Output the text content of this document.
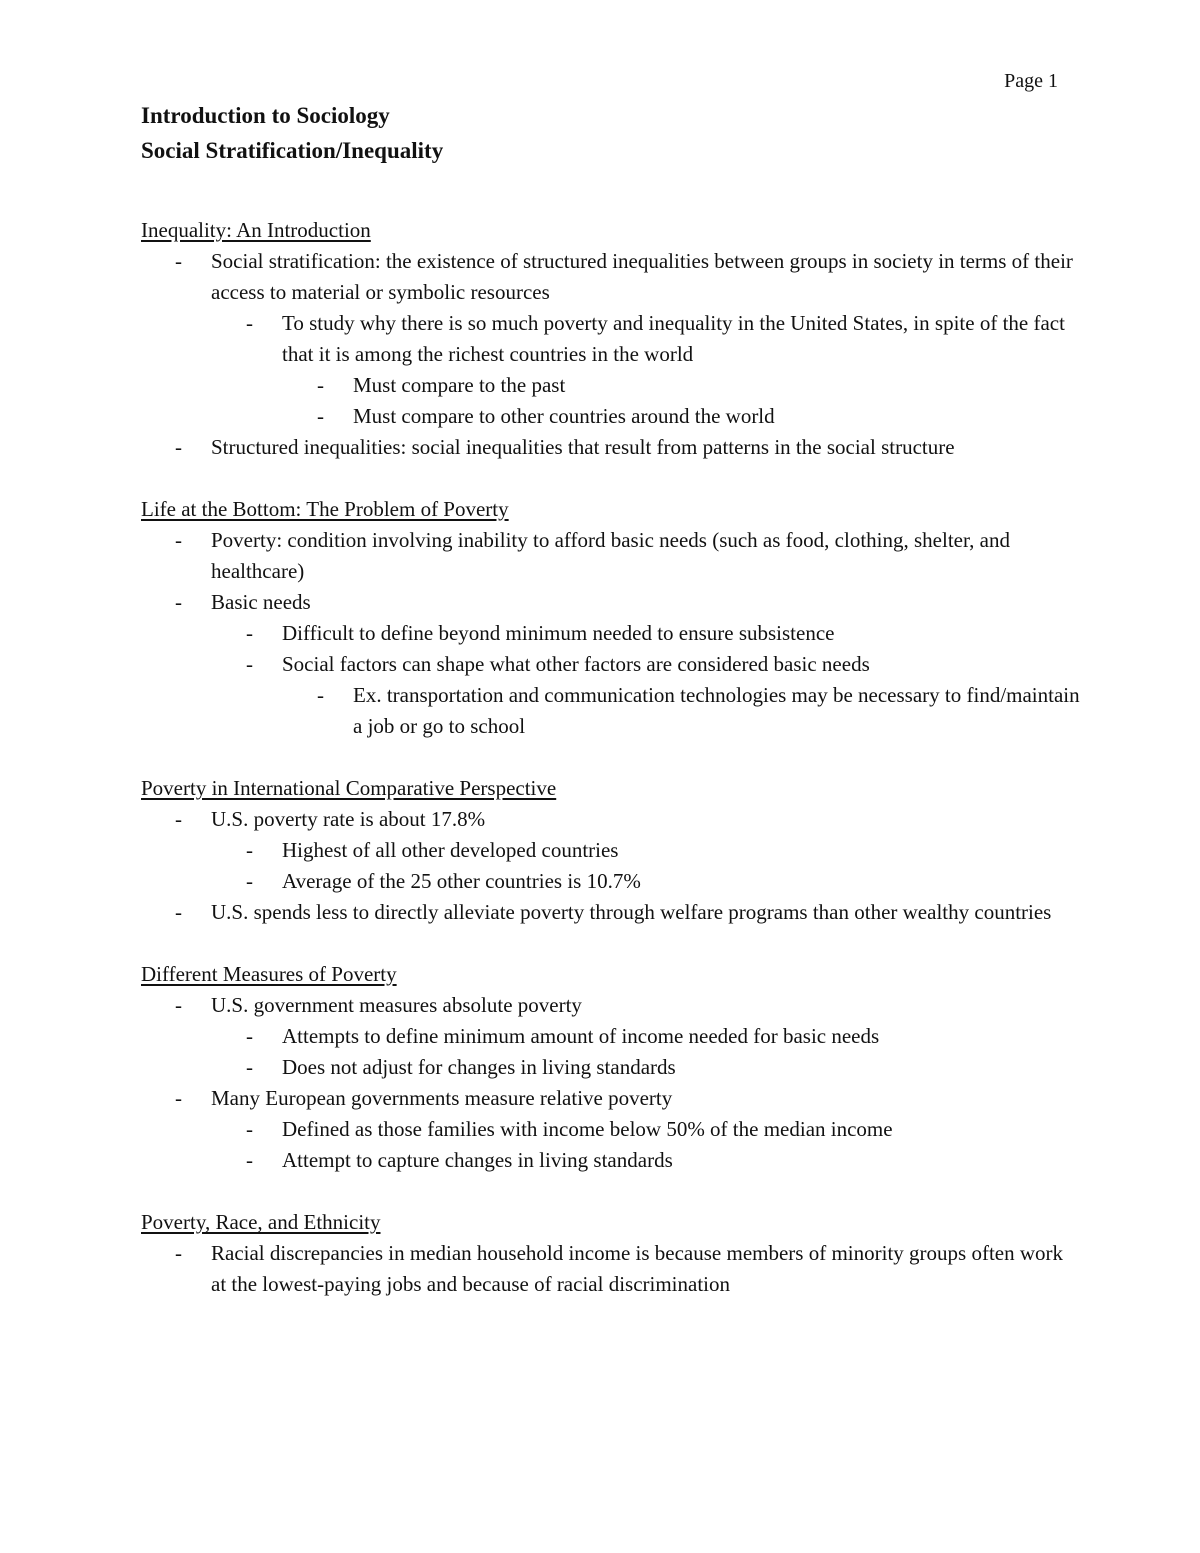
Page 1
Introduction to Sociology
Social Stratification/Inequality
Inequality: An Introduction
- Social stratification: the existence of structured inequalities between groups in society in terms of their access to material or symbolic resources
- To study why there is so much poverty and inequality in the United States, in spite of the fact that it is among the richest countries in the world
- Must compare to the past
- Must compare to other countries around the world
- Structured inequalities: social inequalities that result from patterns in the social structure
Life at the Bottom: The Problem of Poverty
- Poverty: condition involving inability to afford basic needs (such as food, clothing, shelter, and healthcare)
- Basic needs
- Difficult to define beyond minimum needed to ensure subsistence
- Social factors can shape what other factors are considered basic needs
- Ex. transportation and communication technologies may be necessary to find/maintain a job or go to school
Poverty in International Comparative Perspective
- U.S. poverty rate is about 17.8%
- Highest of all other developed countries
- Average of the 25 other countries is 10.7%
- U.S. spends less to directly alleviate poverty through welfare programs than other wealthy countries
Different Measures of Poverty
- U.S. government measures absolute poverty
- Attempts to define minimum amount of income needed for basic needs
- Does not adjust for changes in living standards
- Many European governments measure relative poverty
- Defined as those families with income below 50% of the median income
- Attempt to capture changes in living standards
Poverty, Race, and Ethnicity
- Racial discrepancies in median household income is because members of minority groups often work at the lowest-paying jobs and because of racial discrimination
